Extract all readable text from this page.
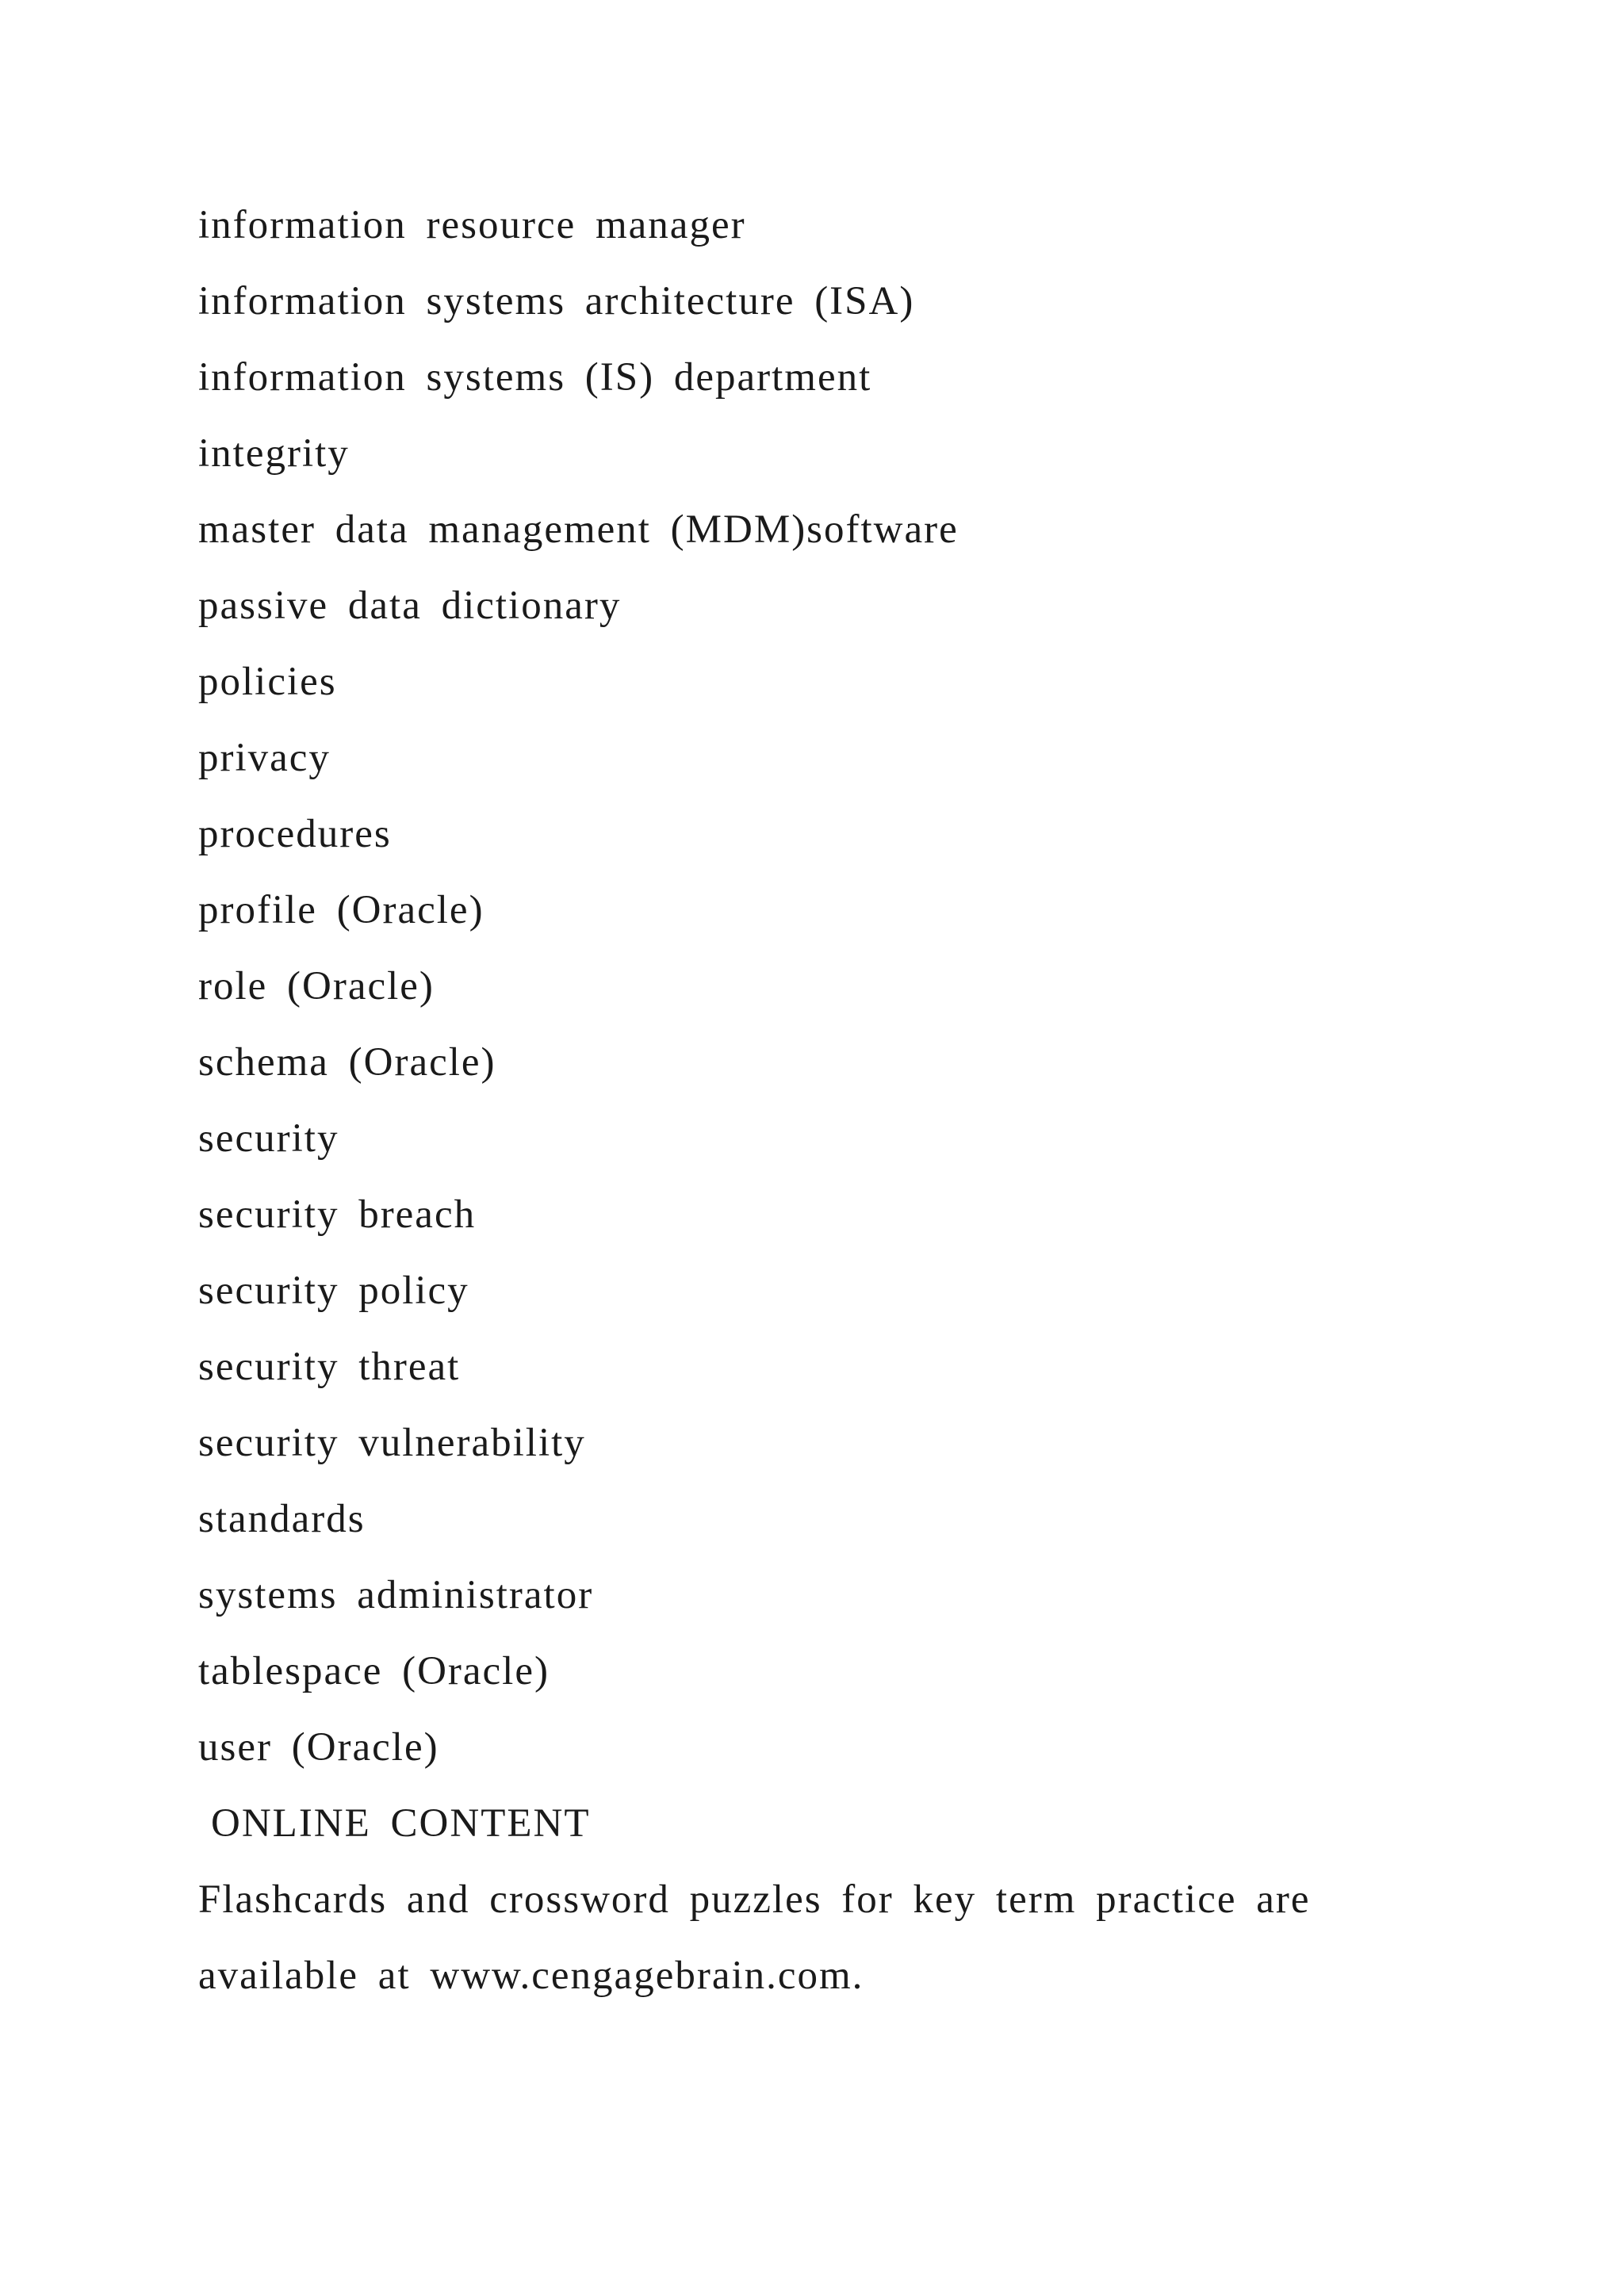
information resource manager
information systems architecture (ISA)
information systems (IS) department
integrity
master data management (MDM)software
passive data dictionary
policies
privacy
procedures
profile (Oracle)
role (Oracle)
schema (Oracle)
security
security breach
security policy
security threat
security vulnerability
standards
systems administrator
tablespace (Oracle)
user (Oracle)
ONLINE CONTENT
Flashcards and crossword puzzles for key term practice are
available at www.cengagebrain.com.
